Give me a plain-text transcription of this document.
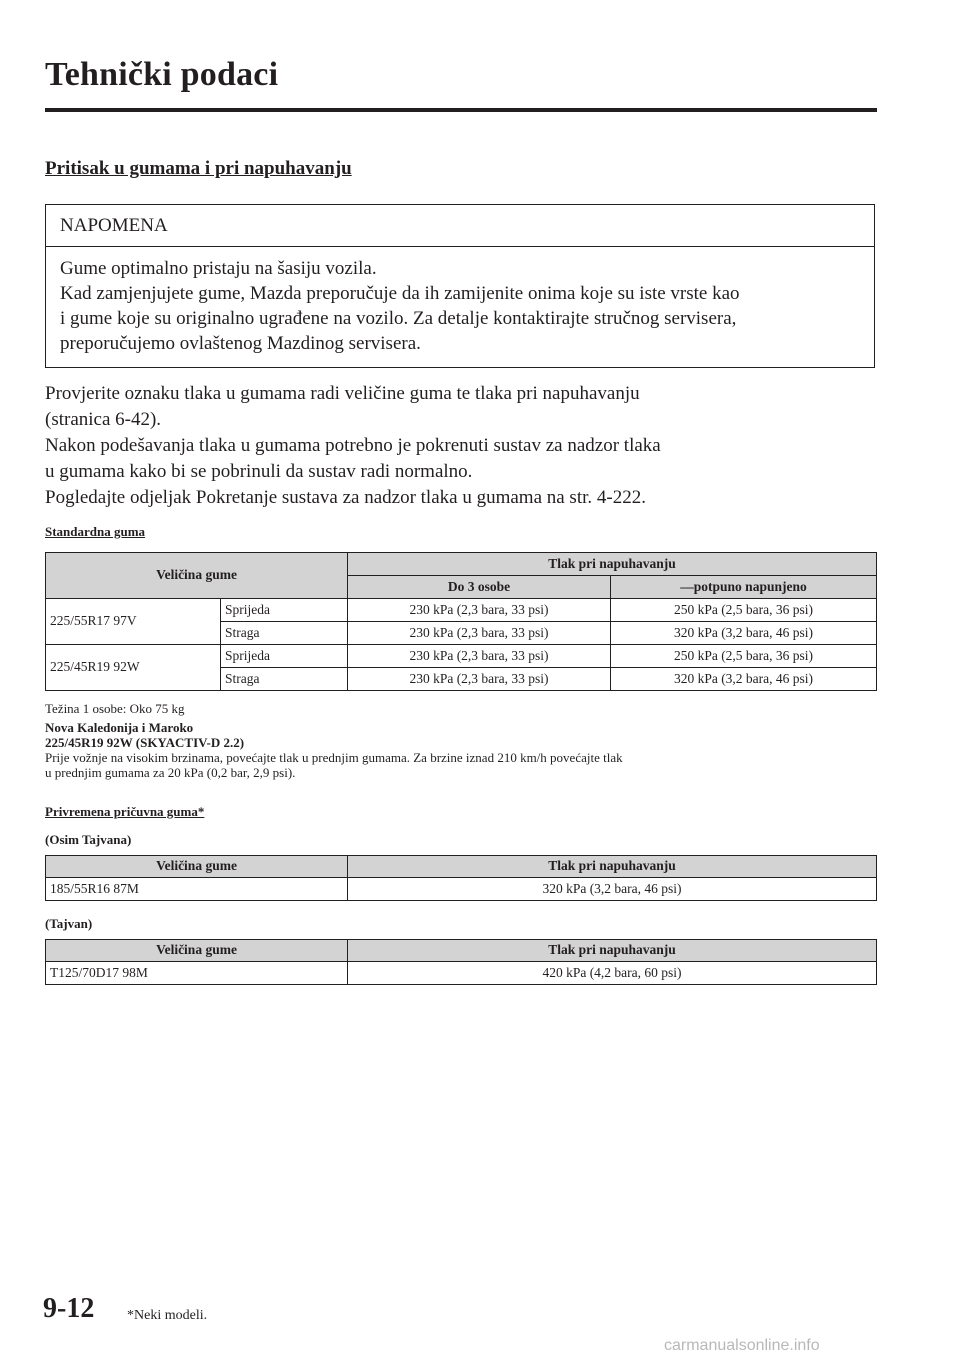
Tehnički podaci
Pritisak u gumama i pri napuhavanju
NAPOMENA
Gume optimalno pristaju na šasiju vozila.
Kad zamjenjujete gume, Mazda preporučuje da ih zamijenite onima koje su iste vrste kao
i gume koje su originalno ugrađene na vozilo. Za detalje kontaktirajte stručnog servisera,
preporučujemo ovlaštenog Mazdinog servisera.
Provjerite oznaku tlaka u gumama radi veličine guma te tlaka pri napuhavanju
(stranica 6-42).
Nakon podešavanja tlaka u gumama potrebno je pokrenuti sustav za nadzor tlaka
u gumama kako bi se pobrinuli da sustav radi normalno.
Pogledajte odjeljak Pokretanje sustava za nadzor tlaka u gumama na str. 4-222.
Standardna guma
Veličina gume		Tlak pri napuhavanju	
		Do 3 osobe	—potpuno napunjeno
225/55R17 97V	Sprijeda	230 kPa (2,3 bara, 33 psi)	250 kPa (2,5 bara, 36 psi)
	Straga	230 kPa (2,3 bara, 33 psi)	320 kPa (3,2 bara, 46 psi)
225/45R19 92W	Sprijeda	230 kPa (2,3 bara, 33 psi)	250 kPa (2,5 bara, 36 psi)
	Straga	230 kPa (2,3 bara, 33 psi)	320 kPa (3,2 bara, 46 psi)
Težina 1 osobe: Oko 75 kg
Nova Kaledonija i Maroko
225/45R19 92W (SKYACTIV-D 2.2)
Prije vožnje na visokim brzinama, povećajte tlak u prednjim gumama. Za brzine iznad 210 km/h povećajte tlak
u prednjim gumama za 20 kPa (0,2 bar, 2,9 psi).
Privremena pričuvna guma*
(Osim Tajvana)
Veličina gume	Tlak pri napuhavanju
185/55R16 87M	320 kPa (3,2 bara, 46 psi)
(Tajvan)
Veličina gume	Tlak pri napuhavanju
T125/70D17 98M	420 kPa (4,2 bara, 60 psi)
9-12 *Neki modeli.
carmanualsonline.info
